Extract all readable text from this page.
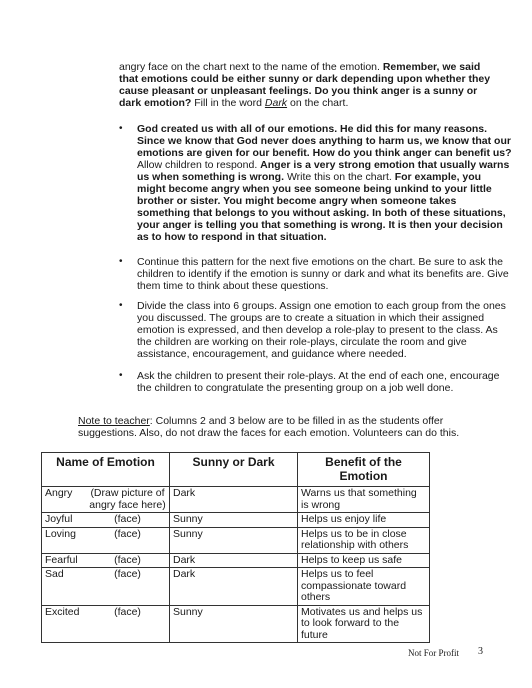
angry face on the chart next to the name of the emotion. Remember, we said
that emotions could be either sunny or dark depending upon whether they
cause pleasant or unpleasant feelings. Do you think anger is a sunny or
dark emotion? Fill in the word Dark on the chart.
• God created us with all of our emotions. He did this for many reasons.
Since we know that God never does anything to harm us, we know that our
emotions are given for our benefit. How do you think anger can benefit us?
Allow children to respond. Anger is a very strong emotion that usually warns
us when something is wrong. Write this on the chart. For example, you
might become angry when you see someone being unkind to your little
brother or sister. You might become angry when someone takes
something that belongs to you without asking. In both of these situations,
your anger is telling you that something is wrong. It is then your decision
as to how to respond in that situation.
• Continue this pattern for the next five emotions on the chart. Be sure to ask the
children to identify if the emotion is sunny or dark and what its benefits are. Give
them time to think about these questions.
• Divide the class into 6 groups. Assign one emotion to each group from the ones
you discussed. The groups are to create a situation in which their assigned
emotion is expressed, and then develop a role-play to present to the class. As
the children are working on their role-plays, circulate the room and give
assistance, encouragement, and guidance where needed.
• Ask the children to present their role-plays. At the end of each one, encourage
the children to congratulate the presenting group on a job well done.
Note to teacher: Columns 2 and 3 below are to be filled in as the students offer
suggestions. Also, do not draw the faces for each emotion. Volunteers can do this.
Name of Emotion	Sunny or Dark	Benefit of the Emotion

Angry (Draw picture of angry face here)	Dark	Warns us that something is wrong

Joyful (face)	Sunny	Helps us enjoy life

Loving (face)	Sunny	Helps us to be in close relationship with others

Fearful (face)	Dark	Helps to keep us safe

Sad (face)	Dark	Helps us to feel compassionate toward others

Excited (face)	Sunny	Motivates us and helps us to look forward to the future
Not For Profit 3
